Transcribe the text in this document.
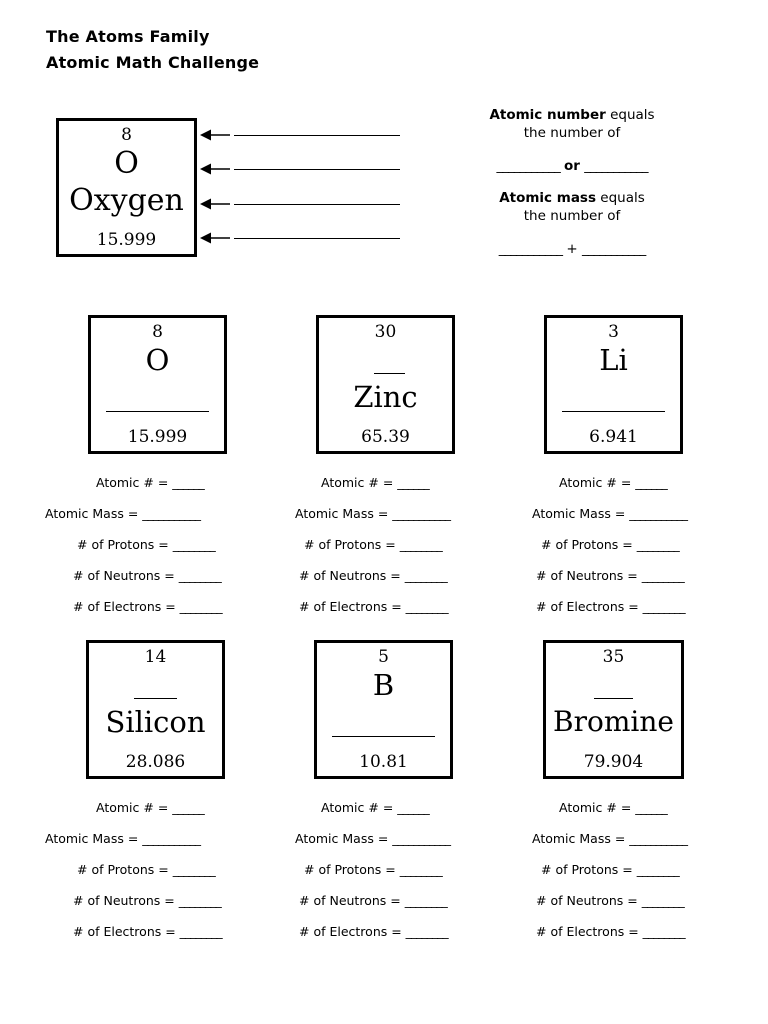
The Atoms Family
Atomic Math Challenge
8
O
Oxygen
15.999
Atomic number equals
the number of
___________ or ___________
Atomic mass equals
the number of
___________ + ___________
8
O
15.999
30
Zinc
65.39
3
Li
6.941
14
Silicon
28.086
5
B
10.81
35
Bromine
79.904
Atomic # = ______
Atomic Mass = ___________
# of Protons = ________
# of Neutrons = ________
# of Electrons = ________
Atomic # = ______
Atomic Mass = ___________
# of Protons = ________
# of Neutrons = ________
# of Electrons = ________
Atomic # = ______
Atomic Mass = ___________
# of Protons = ________
# of Neutrons = ________
# of Electrons = ________
Atomic # = ______
Atomic Mass = ___________
# of Protons = ________
# of Neutrons = ________
# of Electrons = ________
Atomic # = ______
Atomic Mass = ___________
# of Protons = ________
# of Neutrons = ________
# of Electrons = ________
Atomic # = ______
Atomic Mass = ___________
# of Protons = ________
# of Neutrons = ________
# of Electrons = ________
